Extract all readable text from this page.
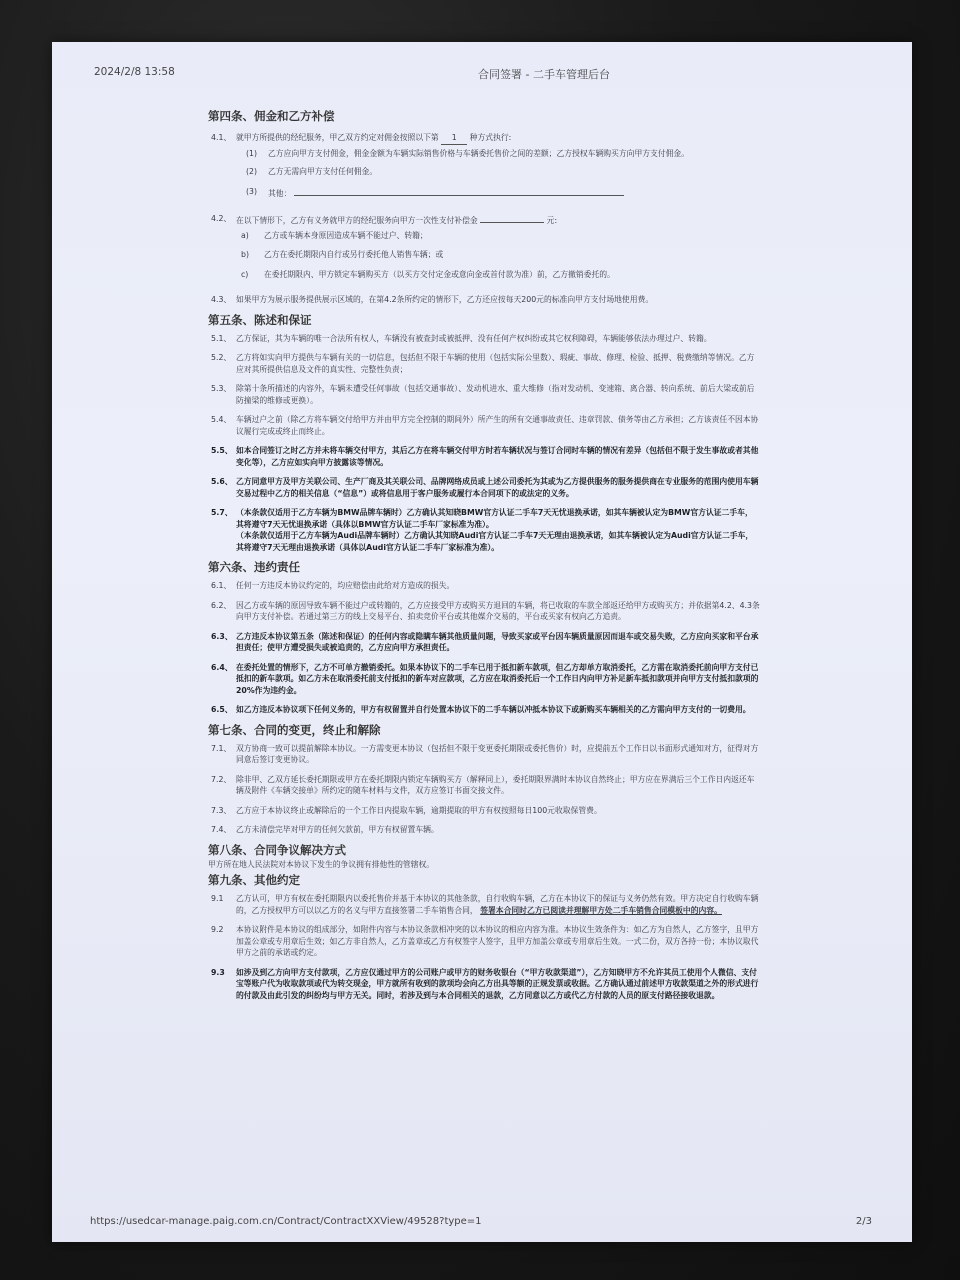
2024/2/8 13:58	合同签署 - 二手车管理后台
第四条、佣金和乙方补偿
4.1、 就甲方所提供的经纪服务，甲乙双方约定对佣金按照以下第 1 种方式执行:
(1) 乙方应向甲方支付佣金，佣金金额为车辆实际销售价格与车辆委托售价之间的差额；乙方授权车辆购买方向甲方支付佣金。
(2) 乙方无需向甲方支付任何佣金。
(3) 其他：
4.2、 在以下情形下，乙方有义务就甲方的经纪服务向甲方一次性支付补偿金	元:
a) 乙方或车辆本身原因造成车辆不能过户、转籍；
b) 乙方在委托期限内自行或另行委托他人销售车辆；或
c) 在委托期限内、甲方锁定车辆购买方（以买方交付定金或意向金或首付款为准）前，乙方撤销委托的。
4.3、 如果甲方为展示服务提供展示区域的，在第4.2条所约定的情形下，乙方还应按每天200元的标准向甲方支付场地使用费。
第五条、陈述和保证
5.1、 乙方保证，其为车辆的唯一合法所有权人，车辆没有被查封或被抵押、没有任何产权纠纷或其它权利障碍，车辆能够依法办理过户、转籍。
5.2、 乙方将如实向甲方提供与车辆有关的一切信息，包括但不限于车辆的使用（包括实际公里数）、瑕疵、事故、修理、检验、抵押、税费缴纳等情况。乙方应对其所提供信息及文件的真实性、完整性负责；
5.3、 除第十条所描述的内容外，车辆未遭受任何事故（包括交通事故）、发动机进水、重大维修（指对发动机、变速箱、离合器、转向系统、前后大梁或前后防撞梁的维修或更换）。
5.4、 车辆过户之前（除乙方将车辆交付给甲方并由甲方完全控制的期间外）所产生的所有交通事故责任、违章罚款、债务等由乙方承担；乙方该责任不因本协议履行完成或终止而终止。
5.5、 如本合同签订之时乙方并未将车辆交付甲方，其后乙方在将车辆交付甲方时若车辆状况与签订合同时车辆的情况有差异（包括但不限于发生事故或者其他变化等），乙方应如实向甲方披露该等情况。
5.6、 乙方同意甲方及甲方关联公司、生产厂商及其关联公司、品牌网络成员或上述公司委托为其或为乙方提供服务的服务提供商在专业服务的范围内使用车辆交易过程中乙方的相关信息（“信息”）或将信息用于客户服务或履行本合同项下的或法定的义务。
5.7、 （本条款仅适用于乙方车辆为BMW品牌车辆时）乙方确认其知晓BMW官方认证二手车7天无忧退换承诺，如其车辆被认定为BMW官方认证二手车，其将遵守7天无忧退换承诺（具体以BMW官方认证二手车厂家标准为准）。
（本条款仅适用于乙方车辆为Audi品牌车辆时）乙方确认其知晓Audi官方认证二手车7天无理由退换承诺，如其车辆被认定为Audi官方认证二手车，其将遵守7天无理由退换承诺（具体以Audi官方认证二手车厂家标准为准）。
第六条、违约责任
6.1、 任何一方违反本协议约定的，均应赔偿由此给对方造成的损失。
6.2、 因乙方或车辆的原因导致车辆不能过户或转籍的，乙方应接受甲方或购买方退回的车辆，将已收取的车款全部返还给甲方或购买方；并依据第4.2、4.3条向甲方支付补偿。若通过第三方的线上交易平台、拍卖竞价平台或其他媒介交易的，平台或买家有权向乙方追责。
6.3、 乙方违反本协议第五条（陈述和保证）的任何内容或隐瞒车辆其他质量问题，导致买家或平台因车辆质量原因而退车或交易失败，乙方应向买家和平台承担责任；使甲方遭受损失或被追责的，乙方应向甲方承担责任。
6.4、 在委托处置的情形下，乙方不可单方撤销委托。如果本协议下的二手车已用于抵扣新车款项，但乙方却单方取消委托，乙方需在取消委托前向甲方支付已抵扣的新车款项。如乙方未在取消委托前支付抵扣的新车对应款项，乙方应在取消委托后一个工作日内向甲方补足新车抵扣款项并向甲方支付抵扣款项的20%作为违约金。
6.5、 如乙方违反本协议项下任何义务的，甲方有权留置并自行处置本协议下的二手车辆以冲抵本协议下或新购买车辆相关的乙方需向甲方支付的一切费用。
第七条、合同的变更，终止和解除
7.1、 双方协商一致可以提前解除本协议。一方需变更本协议（包括但不限于变更委托期限或委托售价）时，应提前五个工作日以书面形式通知对方，征得对方同意后签订变更协议。
7.2、 除非甲、乙双方延长委托期限或甲方在委托期限内锁定车辆购买方（解释同上），委托期限界满时本协议自然终止；甲方应在界满后三个工作日内返还车辆及附件《车辆交接单》所约定的随车材料与文件，双方应签订书面交接文件。
7.3、 乙方应于本协议终止或解除后的一个工作日内提取车辆，逾期提取的甲方有权按照每日100元收取保管费。
7.4、 乙方未清偿完毕对甲方的任何欠款前，甲方有权留置车辆。
第八条、合同争议解决方式
甲方所在地人民法院对本协议下发生的争议拥有排他性的管辖权。
第九条、其他约定
9.1 乙方认可，甲方有权在委托期限内以委托售价并基于本协议的其他条款，自行收购车辆，乙方在本协议下的保证与义务仍然有效。甲方决定自行收购车辆的，乙方授权甲方可以以乙方的名义与甲方直接签署二手车销售合同， 签署本合同时乙方已阅读并理解甲方处二手车销售合同模板中的内容。
9.2 本协议附件是本协议的组成部分，如附件内容与本协议条款相冲突的以本协议的相应内容为准。本协议生效条件为：如乙方为自然人，乙方签字，且甲方加盖公章或专用章后生效；如乙方非自然人，乙方盖章或乙方有权签字人签字，且甲方加盖公章或专用章后生效。一式二份，双方各持一份；本协议取代甲方之前的承诺或约定。
9.3 如涉及到乙方向甲方支付款项，乙方应仅通过甲方的公司账户或甲方的财务收银台（“甲方收款渠道”），乙方知晓甲方不允许其员工使用个人微信、支付宝等账户代为收取款项或代为转交现金，甲方就所有收到的款项均会向乙方出具等额的正规发票或收据。乙方确认通过前述甲方收款渠道之外的形式进行的付款及由此引发的纠纷均与甲方无关。同时，若涉及到与本合同相关的退款，乙方同意以乙方或代乙方付款的人员的原支付路径接收退款。
https://usedcar-manage.paig.com.cn/Contract/ContractXXView/49528?type=1	2/3
